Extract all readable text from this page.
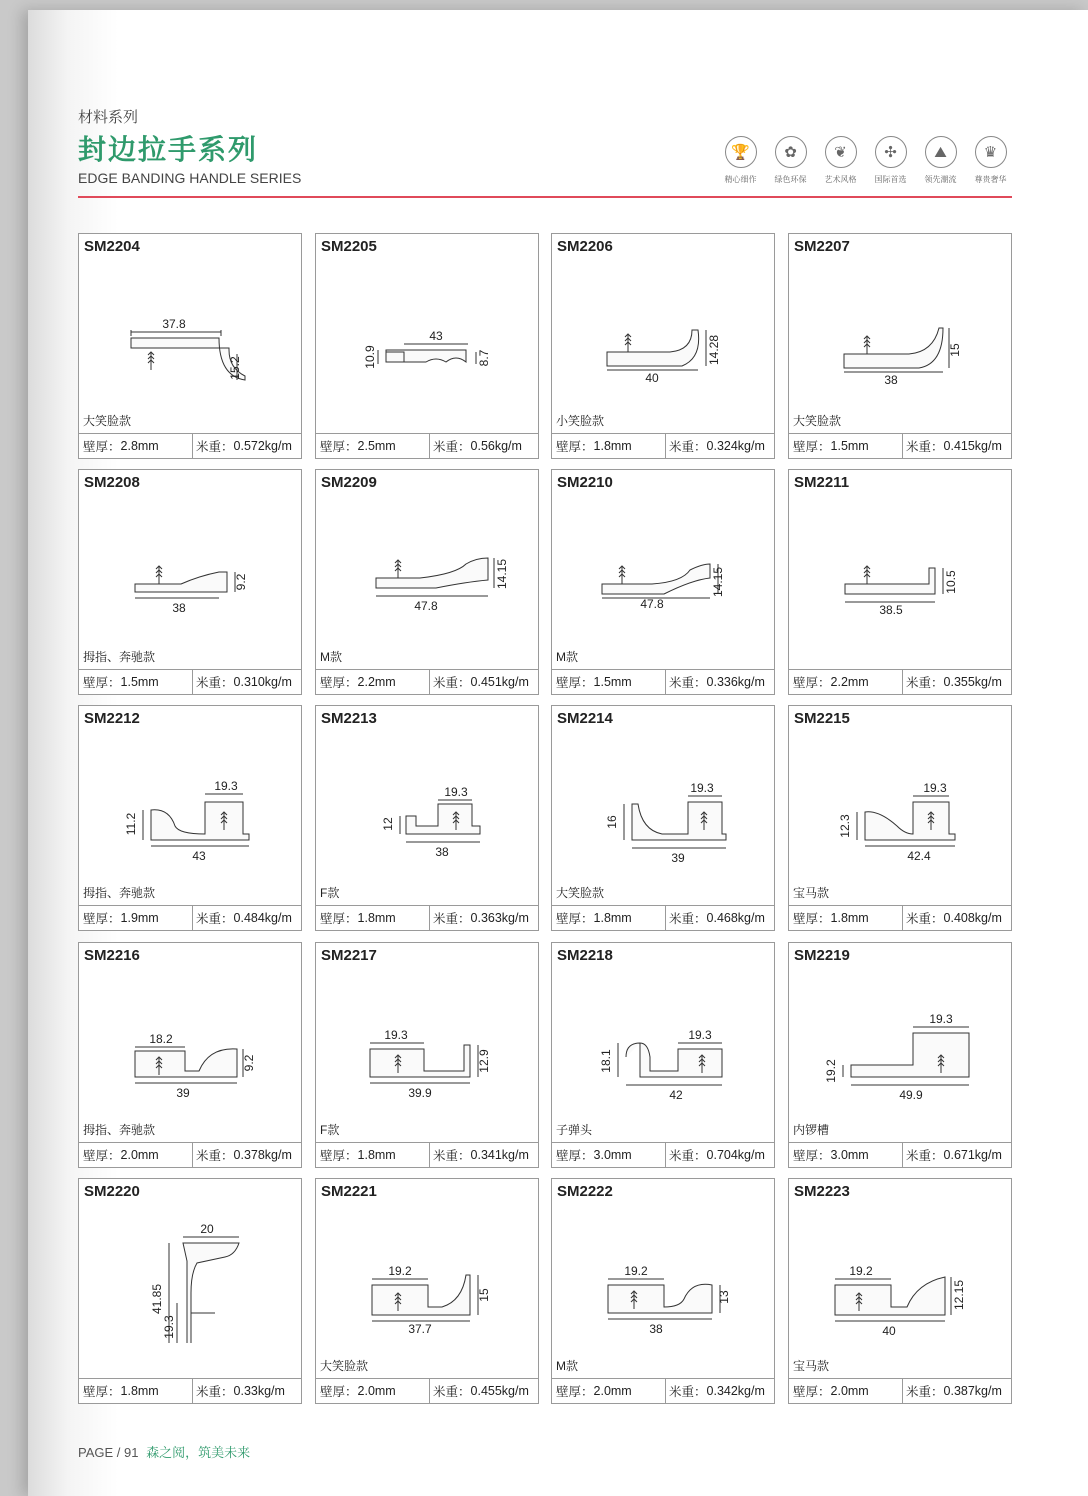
材料系列
封边拉手系列
EDGE BANDING HANDLE SERIES
🏆
精心细作
✿
绿色环保
❦
艺术风格
✣
国际首选
⛰
领先潮流
♛
尊贵奢华
SM2204
37.8
15.2
大笑脸款
壁厚： 2.8mm	米重： 0.572kg/m
SM2205
43
10.9	8.7
壁厚： 2.5mm	米重： 0.56kg/m
SM2206
40
14.28
小笑脸款
壁厚： 1.8mm	米重： 0.324kg/m
SM2207
38
15
大笑脸款
壁厚： 1.5mm	米重： 0.415kg/m
SM2208
38
9.2
拇指、奔驰款
壁厚： 1.5mm	米重： 0.310kg/m
SM2209
47.8
14.15
M款
壁厚： 2.2mm	米重： 0.451kg/m
SM2210
47.8
14.15
M款
壁厚： 1.5mm	米重： 0.336kg/m
SM2211
38.5
10.5
壁厚： 2.2mm	米重： 0.355kg/m
SM2212
19.3
11.2
43
拇指、奔驰款
壁厚： 1.9mm	米重： 0.484kg/m
SM2213
19.3
12
38
F款
壁厚： 1.8mm	米重： 0.363kg/m
SM2214
19.3
16
39
大笑脸款
壁厚： 1.8mm	米重： 0.468kg/m
SM2215
19.3
12.3
42.4
宝马款
壁厚： 1.8mm	米重： 0.408kg/m
SM2216
18.2
9.2
39
拇指、奔驰款
壁厚： 2.0mm	米重： 0.378kg/m
SM2217
19.3
12.9
39.9
F款
壁厚： 1.8mm	米重： 0.341kg/m
SM2218
19.3
18.1
42
子弹头
壁厚： 3.0mm	米重： 0.704kg/m
SM2219
19.3
19.2
49.9
内锣槽
壁厚： 3.0mm	米重： 0.671kg/m
SM2220
20
41.85
19.3
壁厚： 1.8mm	米重： 0.33kg/m
SM2221
19.2
15
37.7
大笑脸款
壁厚： 2.0mm	米重： 0.455kg/m
SM2222
19.2
13
38
M款
壁厚： 2.0mm	米重： 0.342kg/m
SM2223
19.2
12.15
40
宝马款
壁厚： 2.0mm	米重： 0.387kg/m
PAGE / 91 森之阅，筑美未来
